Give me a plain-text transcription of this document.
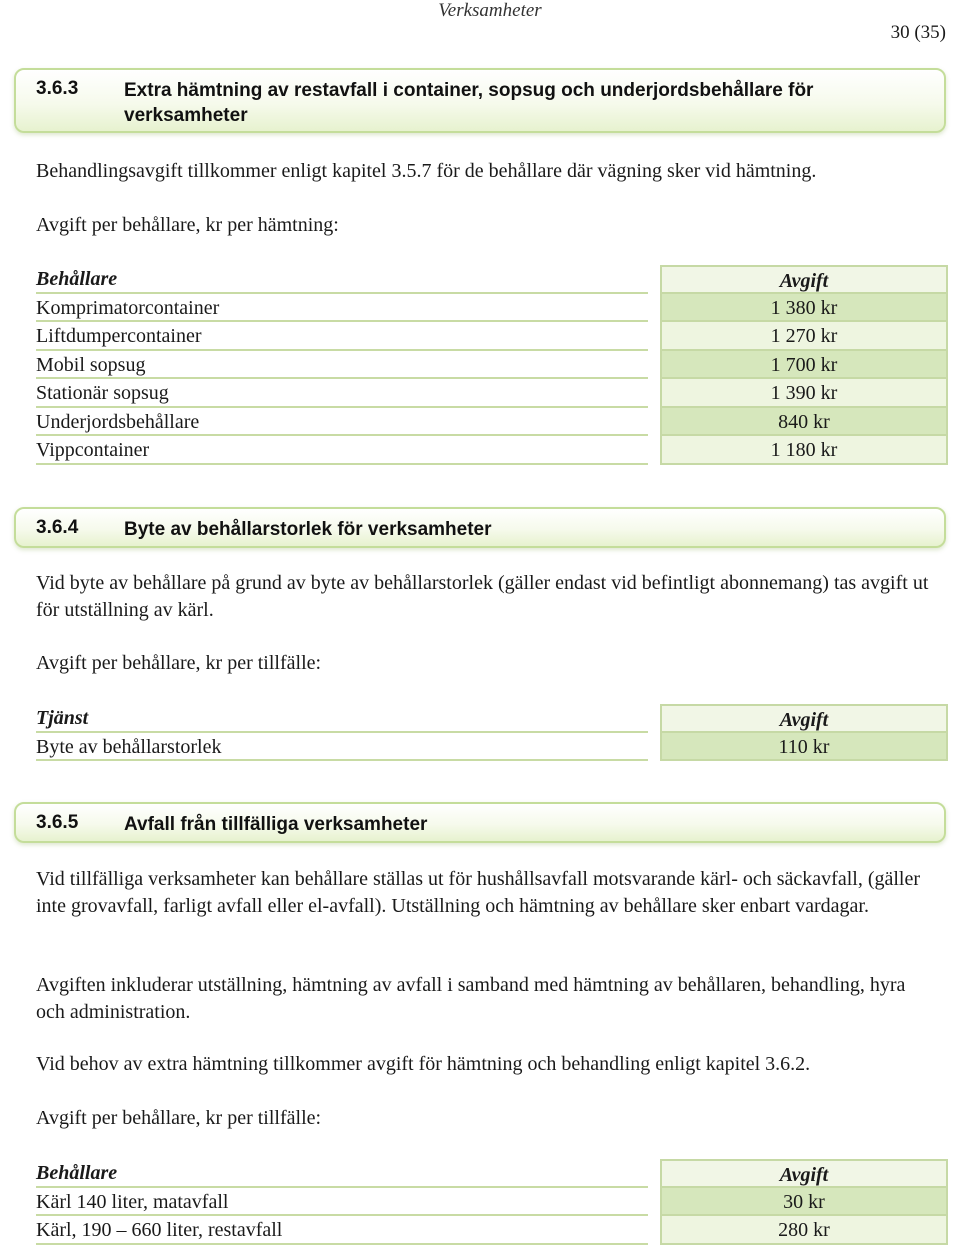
Verksamheter
30 (35)
3.6.3 Extra hämtning av restavfall i container, sopsug och underjordsbehållare för verksamheter

Behandlingsavgift tillkommer enligt kapitel 3.5.7 för de behållare där vägning sker vid hämtning.

Avgift per behållare, kr per hämtning:

Behållare	Avgift
Komprimatorcontainer	1 380 kr
Liftdumpercontainer	1 270 kr
Mobil sopsug	1 700 kr
Stationär sopsug	1 390 kr
Underjordsbehållare	840 kr
Vippcontainer	1 180 kr
3.6.4 Byte av behållarstorlek för verksamheter

Vid byte av behållare på grund av byte av behållarstorlek (gäller endast vid befintligt abonnemang) tas avgift ut för utställning av kärl.

Avgift per behållare, kr per tillfälle:

Tjänst	Avgift
Byte av behållarstorlek	110 kr
3.6.5 Avfall från tillfälliga verksamheter

Vid tillfälliga verksamheter kan behållare ställas ut för hushållsavfall motsvarande kärl- och säckavfall, (gäller inte grovavfall, farligt avfall eller el-avfall). Utställning och hämtning av behållare sker enbart vardagar.

Avgiften inkluderar utställning, hämtning av avfall i samband med hämtning av behållaren, behandling, hyra och administration.

Vid behov av extra hämtning tillkommer avgift för hämtning och behandling enligt kapitel 3.6.2.

Avgift per behållare, kr per tillfälle:

Behållare	Avgift
Kärl 140 liter, matavfall	30 kr
Kärl, 190 – 660 liter, restavfall	280 kr
